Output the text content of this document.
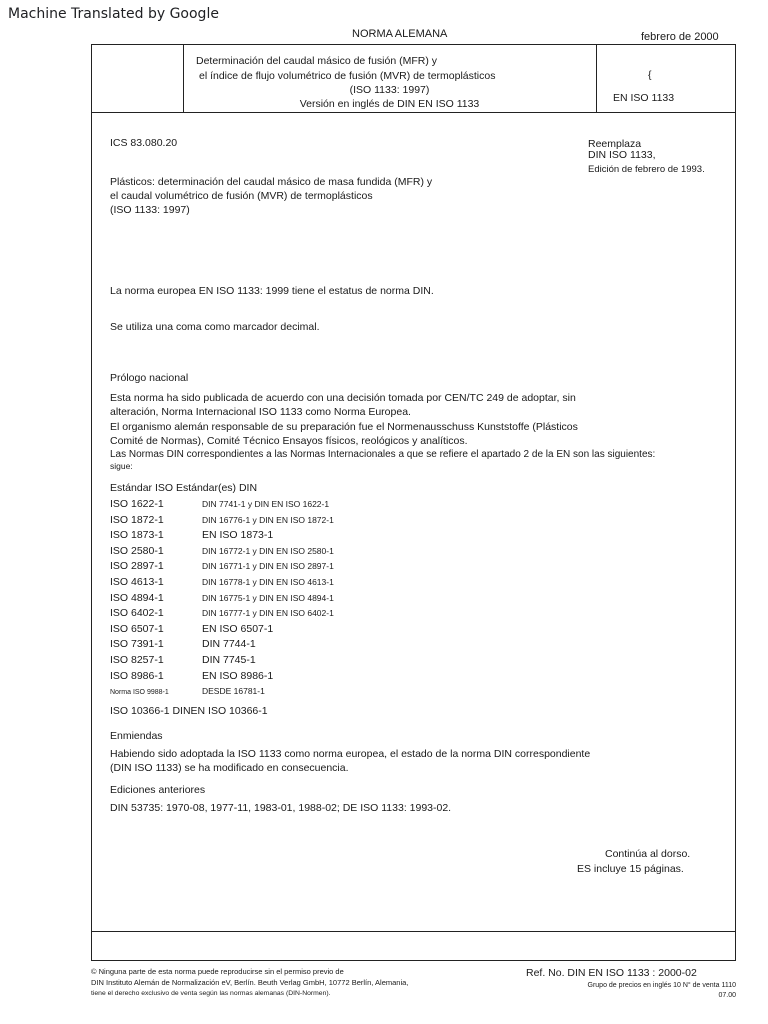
Machine Translated by Google
NORMA ALEMANA	febrero de 2000
Determinación del caudal másico de fusión (MFR) y
el índice de flujo volumétrico de fusión (MVR) de termoplásticos
(ISO 1133: 1997)
Versión en inglés de DIN EN ISO 1133
{
EN ISO 1133
ICS 83.080.20	Reemplaza
DIN ISO 1133,
Edición de febrero de 1993.
Plásticos: determinación del caudal másico de masa fundida (MFR) y
el caudal volumétrico de fusión (MVR) de termoplásticos
(ISO 1133: 1997)
La norma europea EN ISO 1133: 1999 tiene el estatus de norma DIN.
Se utiliza una coma como marcador decimal.
Prólogo nacional
Esta norma ha sido publicada de acuerdo con una decisión tomada por CEN/TC 249 de adoptar, sin
alteración, Norma Internacional ISO 1133 como Norma Europea.
El organismo alemán responsable de su preparación fue el Normenausschuss Kunststoffe (Plásticos
Comité de Normas), Comité Técnico Ensayos físicos, reológicos y analíticos.
Las Normas DIN correspondientes a las Normas Internacionales a que se refiere el apartado 2 de la EN son las siguientes:
sigue:
Estándar ISO Estándar(es) DIN
ISO 1622-1	DIN 7741-1 y DIN EN ISO 1622-1
ISO 1872-1	DIN 16776-1 y DIN EN ISO 1872-1
ISO 1873-1	EN ISO 1873-1
ISO 2580-1	DIN 16772-1 y DIN EN ISO 2580-1
ISO 2897-1	DIN 16771-1 y DIN EN ISO 2897-1
ISO 4613-1	DIN 16778-1 y DIN EN ISO 4613-1
ISO 4894-1	DIN 16775-1 y DIN EN ISO 4894-1
ISO 6402-1	DIN 16777-1 y DIN EN ISO 6402-1
ISO 6507-1	EN ISO 6507-1
ISO 7391-1	DIN 7744-1
ISO 8257-1	DIN 7745-1
ISO 8986-1	EN ISO 8986-1
Norma ISO 9988-1	DESDE 16781-1
ISO 10366-1 DINEN ISO 10366-1
Enmiendas
Habiendo sido adoptada la ISO 1133 como norma europea, el estado de la norma DIN correspondiente
(DIN ISO 1133) se ha modificado en consecuencia.
Ediciones anteriores
DIN 53735: 1970-08, 1977-11, 1983-01, 1988-02; DE ISO 1133: 1993-02.
Continúa al dorso.
ES incluye 15 páginas.
© Ninguna parte de esta norma puede reproducirse sin el permiso previo de
DIN Instituto Alemán de Normalización eV, Berlín. Beuth Verlag GmbH, 10772 Berlín, Alemania,
tiene el derecho exclusivo de venta según las normas alemanas (DIN-Normen).
Ref. No. DIN EN ISO 1133 : 2000-02
Grupo de precios en inglés 10 N° de venta 1110
07.00
